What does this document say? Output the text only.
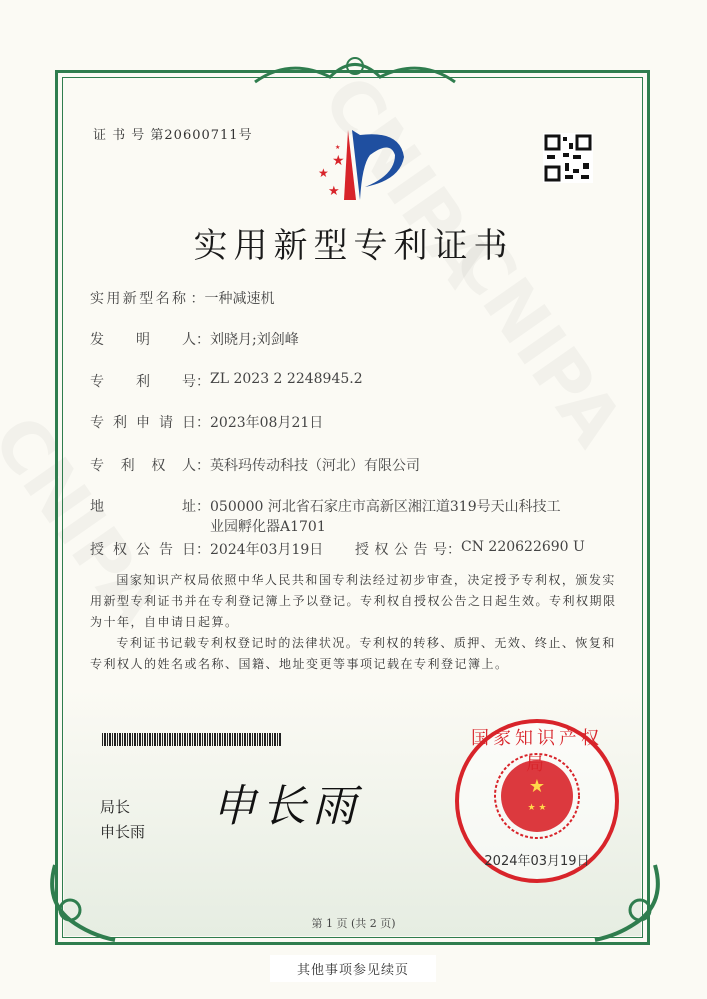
证 书 号 第20600711号
★
★
★
★
实用新型专利证书
实用新型名称 ：一种减速机
发明人：刘晓月;刘剑峰
专利号：ZL 2023 2 2248945.2
专利申请日：2023年08月21日
专利权人：英科玛传动科技（河北）有限公司
地址：050000 河北省石家庄市高新区湘江道319号天山科技工
业园孵化器A1701
授权公告日：2024年03月19日 授权公告号：CN 220622690 U
国家知识产权局依照中华人民共和国专利法经过初步审查，决定授予专利权，颁发实用新型专利证书并在专利登记簿上予以登记。专利权自授权公告之日起生效。专利权期限为十年，自申请日起算。
专利证书记载专利权登记时的法律状况。专利权的转移、质押、无效、终止、恢复和专利权人的姓名或名称、国籍、地址变更等事项记载在专利登记簿上。
局长
申长雨 申长雨	★
★ ★
国家知识产权局
2024年03月19日
第 1 页 (共 2 页)
其他事项参见续页
